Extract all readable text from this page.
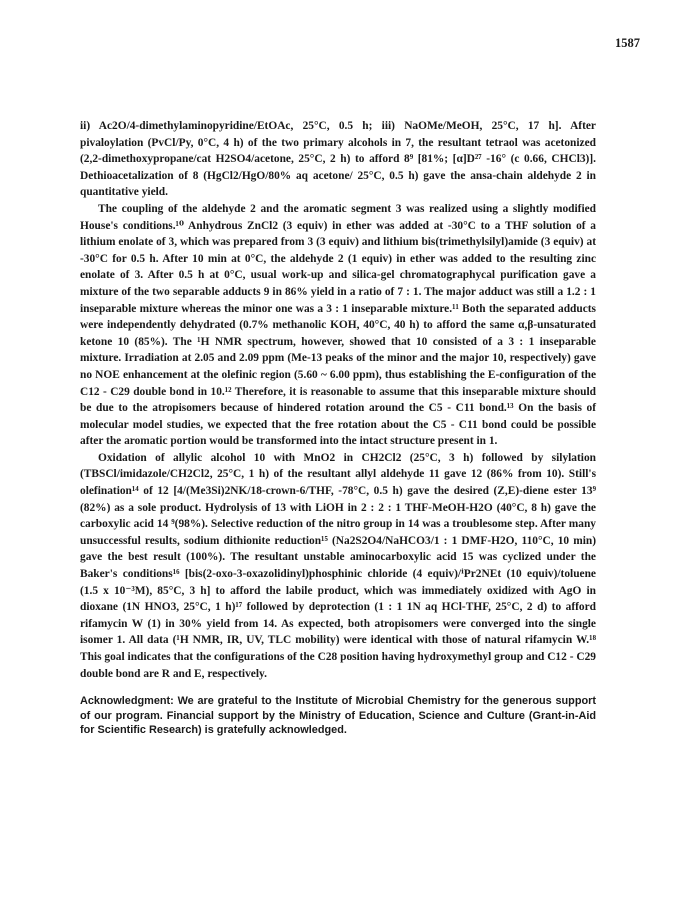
1587

ii) Ac2O/4-dimethylaminopyridine/EtOAc, 25°C, 0.5 h; iii) NaOMe/MeOH, 25°C, 17 h]. After pivaloylation (PvCl/Py, 0°C, 4 h) of the two primary alcohols in 7, the resultant tetraol was acetonized (2,2-dimethoxypropane/cat H2SO4/acetone, 25°C, 2 h) to afford 8⁹ [81%; [α]D²⁷ -16° (c 0.66, CHCl3)]. Dethioacetalization of 8 (HgCl2/HgO/80% aq acetone/ 25°C, 0.5 h) gave the ansa-chain aldehyde 2 in quantitative yield.

The coupling of the aldehyde 2 and the aromatic segment 3 was realized using a slightly modified House's conditions.¹⁰ Anhydrous ZnCl2 (3 equiv) in ether was added at -30°C to a THF solution of a lithium enolate of 3, which was prepared from 3 (3 equiv) and lithium bis(trimethylsilyl)amide (3 equiv) at -30°C for 0.5 h. After 10 min at 0°C, the aldehyde 2 (1 equiv) in ether was added to the resulting zinc enolate of 3. After 0.5 h at 0°C, usual work-up and silica-gel chromatographycal purification gave a mixture of the two separable adducts 9 in 86% yield in a ratio of 7 : 1. The major adduct was still a 1.2 : 1 inseparable mixture whereas the minor one was a 3 : 1 inseparable mixture.¹¹ Both the separated adducts were independently dehydrated (0.7% methanolic KOH, 40°C, 40 h) to afford the same α,β-unsaturated ketone 10 (85%). The ¹H NMR spectrum, however, showed that 10 consisted of a 3 : 1 inseparable mixture. Irradiation at 2.05 and 2.09 ppm (Me-13 peaks of the minor and the major 10, respectively) gave no NOE enhancement at the olefinic region (5.60 ~ 6.00 ppm), thus establishing the E-configuration of the C12 - C29 double bond in 10.¹² Therefore, it is reasonable to assume that this inseparable mixture should be due to the atropisomers because of hindered rotation around the C5 - C11 bond.¹³ On the basis of molecular model studies, we expected that the free rotation about the C5 - C11 bond could be possible after the aromatic portion would be transformed into the intact structure present in 1.

Oxidation of allylic alcohol 10 with MnO2 in CH2Cl2 (25°C, 3 h) followed by silylation (TBSCl/imidazole/CH2Cl2, 25°C, 1 h) of the resultant allyl aldehyde 11 gave 12 (86% from 10). Still's olefination¹⁴ of 12 [4/(Me3Si)2NK/18-crown-6/THF, -78°C, 0.5 h) gave the desired (Z,E)-diene ester 13⁹ (82%) as a sole product. Hydrolysis of 13 with LiOH in 2 : 2 : 1 THF-MeOH-H2O (40°C, 8 h) gave the carboxylic acid 14 ⁹(98%). Selective reduction of the nitro group in 14 was a troublesome step. After many unsuccessful results, sodium dithionite reduction¹⁵ (Na2S2O4/NaHCO3/1 : 1 DMF-H2O, 110°C, 10 min) gave the best result (100%). The resultant unstable aminocarboxylic acid 15 was cyclized under the Baker's conditions¹⁶ [bis(2-oxo-3-oxazolidinyl)phosphinic chloride (4 equiv)/ⁱPr2NEt (10 equiv)/toluene (1.5 x 10⁻³M), 85°C, 3 h] to afford the labile product, which was immediately oxidized with AgO in dioxane (1N HNO3, 25°C, 1 h)¹⁷ followed by deprotection (1 : 1 1N aq HCl-THF, 25°C, 2 d) to afford rifamycin W (1) in 30% yield from 14. As expected, both atropisomers were converged into the single isomer 1. All data (¹H NMR, IR, UV, TLC mobility) were identical with those of natural rifamycin W.¹⁸ This goal indicates that the configurations of the C28 position having hydroxymethyl group and C12 - C29 double bond are R and E, respectively.

Acknowledgment: We are grateful to the Institute of Microbial Chemistry for the generous support of our program. Financial support by the Ministry of Education, Science and Culture (Grant-in-Aid for Scientific Research) is gratefully acknowledged.
